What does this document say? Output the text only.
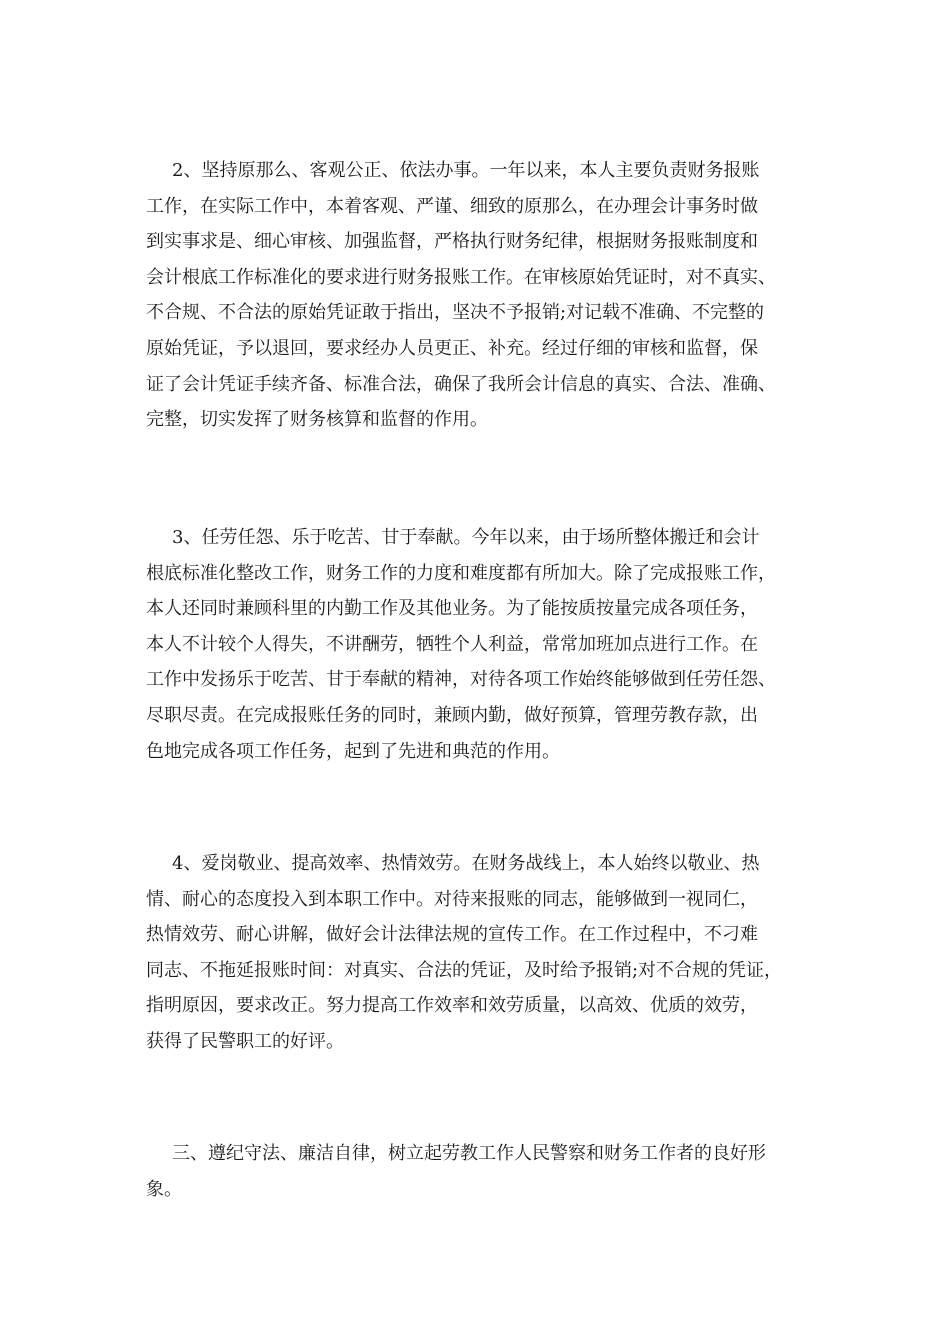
2、坚持原那么、客观公正、依法办事。一年以来，本人主要负责财务报账
工作，在实际工作中，本着客观、严谨、细致的原那么，在办理会计事务时做
到实事求是、细心审核、加强监督，严格执行财务纪律，根据财务报账制度和
会计根底工作标准化的要求进行财务报账工作。在审核原始凭证时，对不真实、
不合规、不合法的原始凭证敢于指出，坚决不予报销;对记载不准确、不完整的
原始凭证，予以退回，要求经办人员更正、补充。经过仔细的审核和监督，保
证了会计凭证手续齐备、标准合法，确保了我所会计信息的真实、合法、准确、
完整，切实发挥了财务核算和监督的作用。
3、任劳任怨、乐于吃苦、甘于奉献。今年以来，由于场所整体搬迁和会计
根底标准化整改工作，财务工作的力度和难度都有所加大。除了完成报账工作，
本人还同时兼顾科里的内勤工作及其他业务。为了能按质按量完成各项任务，
本人不计较个人得失，不讲酬劳，牺牲个人利益，常常加班加点进行工作。在
工作中发扬乐于吃苦、甘于奉献的精神，对待各项工作始终能够做到任劳任怨、
尽职尽责。在完成报账任务的同时，兼顾内勤，做好预算，管理劳教存款，出
色地完成各项工作任务，起到了先进和典范的作用。
4、爱岗敬业、提高效率、热情效劳。在财务战线上，本人始终以敬业、热
情、耐心的态度投入到本职工作中。对待来报账的同志，能够做到一视同仁，
热情效劳、耐心讲解，做好会计法律法规的宣传工作。在工作过程中，不刁难
同志、不拖延报账时间：对真实、合法的凭证，及时给予报销;对不合规的凭证，
指明原因，要求改正。努力提高工作效率和效劳质量，以高效、优质的效劳，
获得了民警职工的好评。
三、遵纪守法、廉洁自律，树立起劳教工作人民警察和财务工作者的良好形
象。
